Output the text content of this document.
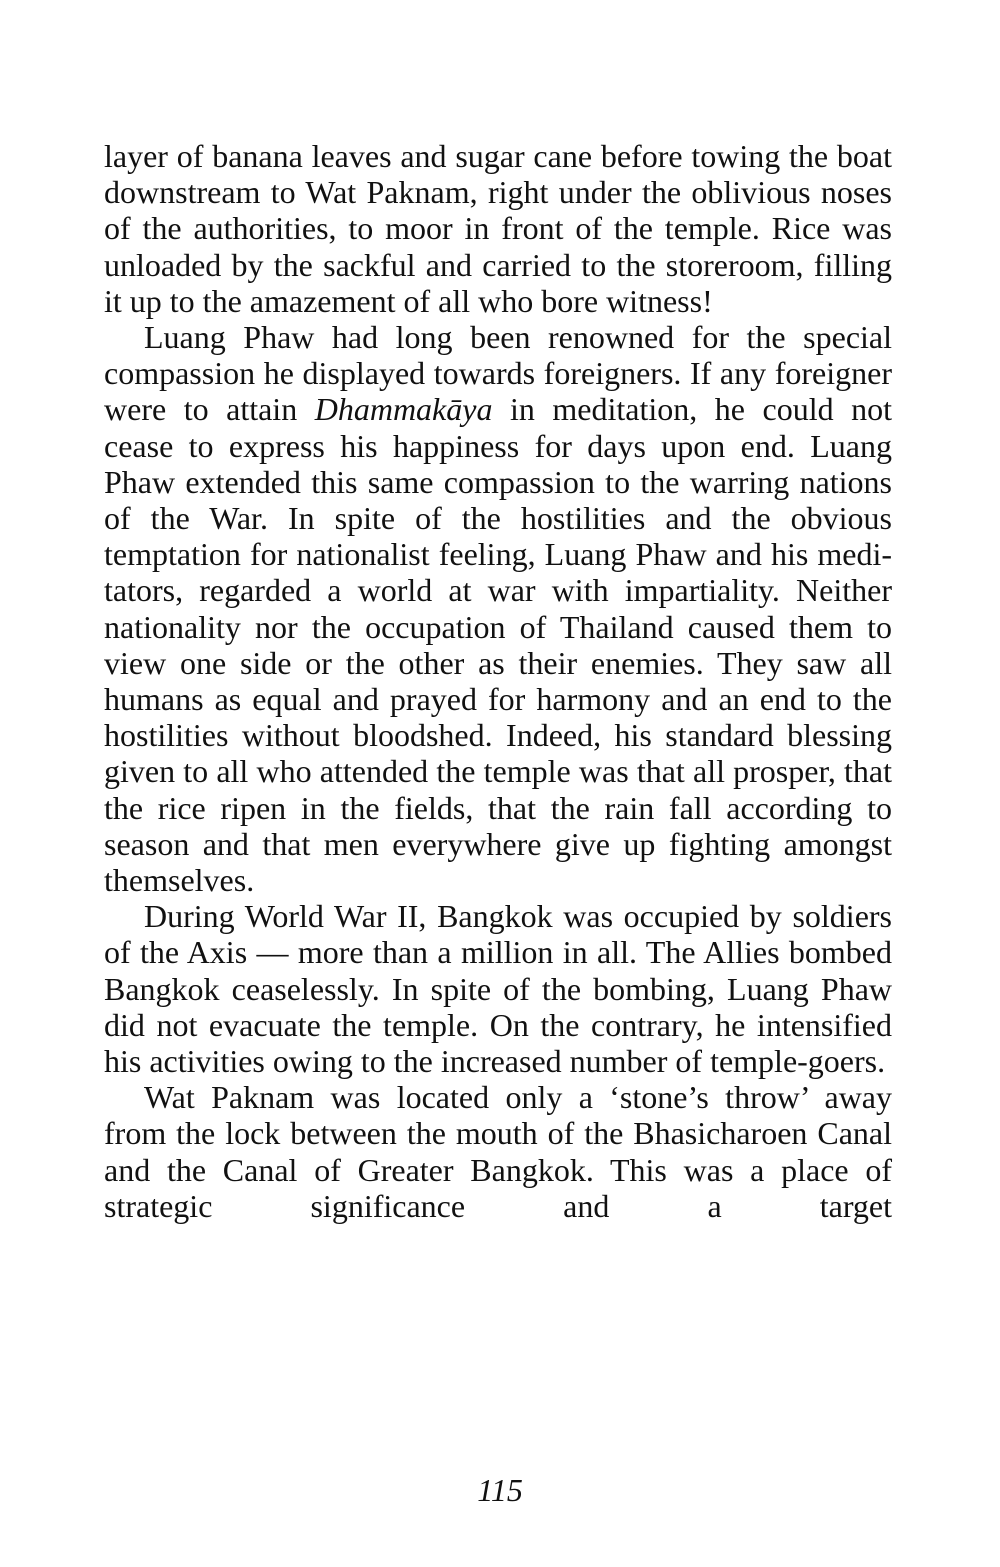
layer of banana leaves and sugar cane before towing the boat downstream to Wat Paknam, right under the oblivious noses of the authorities, to moor in front of the temple. Rice was unloaded by the sackful and carried to the storeroom, filling it up to the amazement of all who bore witness!

Luang Phaw had long been renowned for the special compassion he displayed towards foreigners. If any foreigner were to attain Dhammakāya in meditation, he could not cease to express his happiness for days upon end. Luang Phaw extended this same compassion to the warring nations of the War. In spite of the hostilities and the obvious temptation for nationalist feeling, Luang Phaw and his meditators, regarded a world at war with impartiality. Neither nationality nor the occupation of Thailand caused them to view one side or the other as their enemies. They saw all humans as equal and prayed for harmony and an end to the hostilities without bloodshed. Indeed, his standard blessing given to all who attended the temple was that all prosper, that the rice ripen in the fields, that the rain fall according to season and that men everywhere give up fighting amongst themselves.

During World War II, Bangkok was occupied by soldiers of the Axis — more than a million in all. The Allies bombed Bangkok ceaselessly. In spite of the bombing, Luang Phaw did not evacuate the temple. On the contrary, he intensified his activities owing to the increased number of temple-goers.

Wat Paknam was located only a ‘stone’s throw’ away from the lock between the mouth of the Bhasicharoen Canal and the Canal of Greater Bangkok. This was a place of strategic significance and a target

115
